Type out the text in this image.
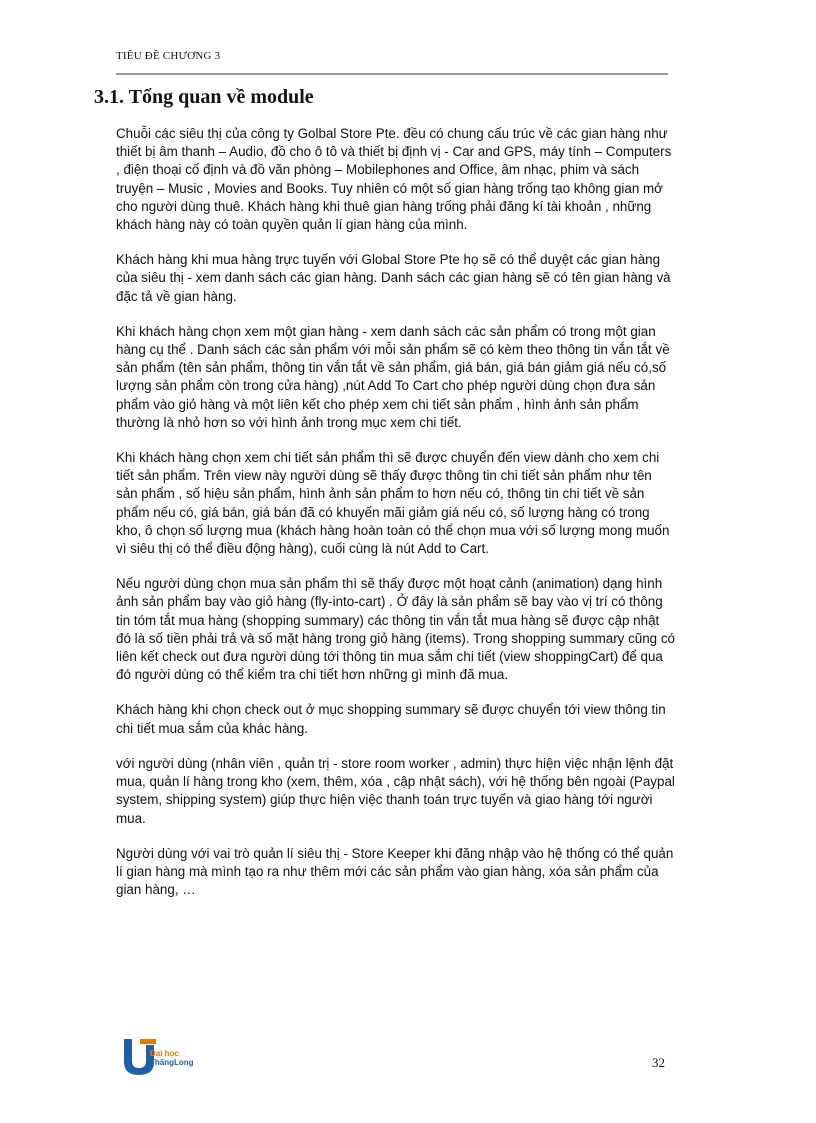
TIÊU ĐỀ CHƯƠNG 3
3.1. Tổng quan về module

Chuỗi các siêu thị của công ty Golbal Store Pte. đều có chung cấu trúc về các gian hàng như thiết bị âm thanh – Audio, đồ cho ô tô và thiết bị định vị - Car and GPS, máy tính – Computers , điện thoại cố định và đồ văn phòng – Mobilephones and Office, âm nhạc, phim và sách truyện – Music , Movies and Books. Tuy nhiên có một số gian hàng trống tạo không gian mở cho người dùng thuê. Khách hàng khi thuê gian hàng trống phải đăng kí tài khoản , những khách hàng này có toàn quyền quản lí gian hàng của mình.

Khách hàng khi mua hàng trực tuyến với Global Store Pte họ sẽ có thể duyệt các gian hàng của siêu thị - xem danh sách các gian hàng. Danh sách các gian hàng sẽ có tên gian hàng và đặc tả về gian hàng.

Khi khách hàng chọn xem một gian hàng - xem danh sách các sản phẩm có trong một gian hàng cụ thể . Danh sách các sản phẩm với mỗi sản phẩm sẽ có kèm theo thông tin vắn tắt về sản phẩm (tên sản phẩm, thông tin vắn tắt về sản phẩm, giá bán, giá bán giảm giá nếu có,số lượng sản phẩm còn trong cửa hàng) ,nút Add To Cart cho phép người dùng chọn đưa sản phẩm vào giỏ hàng và một liên kết cho phép xem chi tiết sản phẩm , hình ảnh sản phẩm thường là nhỏ hơn so với hình ảnh trong mục xem chi tiết.

Khi khách hàng chọn xem chi tiết sản phẩm thì sẽ được chuyển đến view dành cho xem chi tiết sản phẩm. Trên view này người dùng sẽ thấy được thông tin chi tiết sản phẩm như tên sản phẩm , số hiệu sản phẩm, hình ảnh sản phẩm to hơn nếu có, thông tin chi tiết về sản phẩm nếu có, giá bán, giá bán đã có khuyến mãi giảm giá nếu có, số lượng hàng có trong kho, ô chọn số lượng mua (khách hàng hoàn toàn có thể chọn mua với số lượng mong muốn vì siêu thị có thể điều động hàng), cuối cùng là nút Add to Cart.

Nếu người dùng chọn mua sản phẩm thì sẽ thấy được một hoạt cảnh (animation) dạng hình ảnh sản phẩm bay vào giỏ hàng (fly-into-cart) . Ở đây là sản phẩm sẽ bay vào vị trí có thông tin tóm tắt mua hàng (shopping summary) các thông tin vắn tắt mua hàng sẽ được cập nhật đó là số tiền phải trả và số mặt hàng trong giỏ hàng (items). Trong shopping summary cũng có liên kết check out đưa người dùng tới thông tin mua sắm chi tiết (view shoppingCart) để qua đó người dùng có thể kiểm tra chi tiết hơn những gì mình đã mua.

Khách hàng khi chọn check out ở mục shopping summary sẽ được chuyển tới view thông tin chi tiết mua sắm của khác hàng.

với người dùng (nhân viên , quản trị - store room worker , admin) thực hiện việc nhận lệnh đặt mua, quản lí hàng trong kho (xem, thêm, xóa , cập nhật sách), với hệ thống bên ngoài (Paypal system, shipping system) giúp thực hiện việc thanh toán trực tuyến và giao hàng tới người mua.

Người dùng với vai trò quản lí siêu thị - Store Keeper khi đăng nhập vào hệ thống có thể quản lí gian hàng mà mình tạo ra như thêm mới các sản phẩm vào gian hàng, xóa sản phẩm của gian hàng, …

Đại học
ThăngLong	32
